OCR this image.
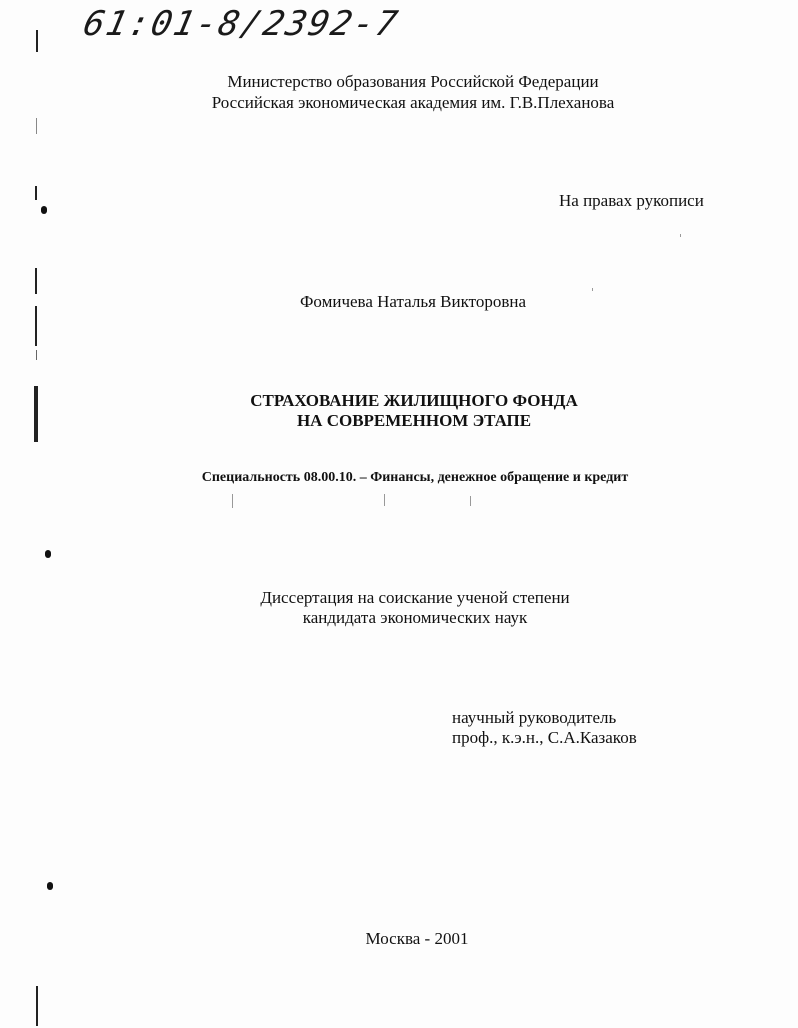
61:01-8/2392-7
Министерство образования Российской Федерации
Российская экономическая академия им. Г.В.Плеханова
На правах рукописи
Фомичева Наталья Викторовна
СТРАХОВАНИЕ ЖИЛИЩНОГО ФОНДА
НА СОВРЕМЕННОМ ЭТАПЕ
Специальность 08.00.10. – Финансы, денежное обращение и кредит
Диссертация на соискание ученой степени
кандидата экономических наук
научный руководитель
проф., к.э.н., С.А.Казаков
Москва - 2001
